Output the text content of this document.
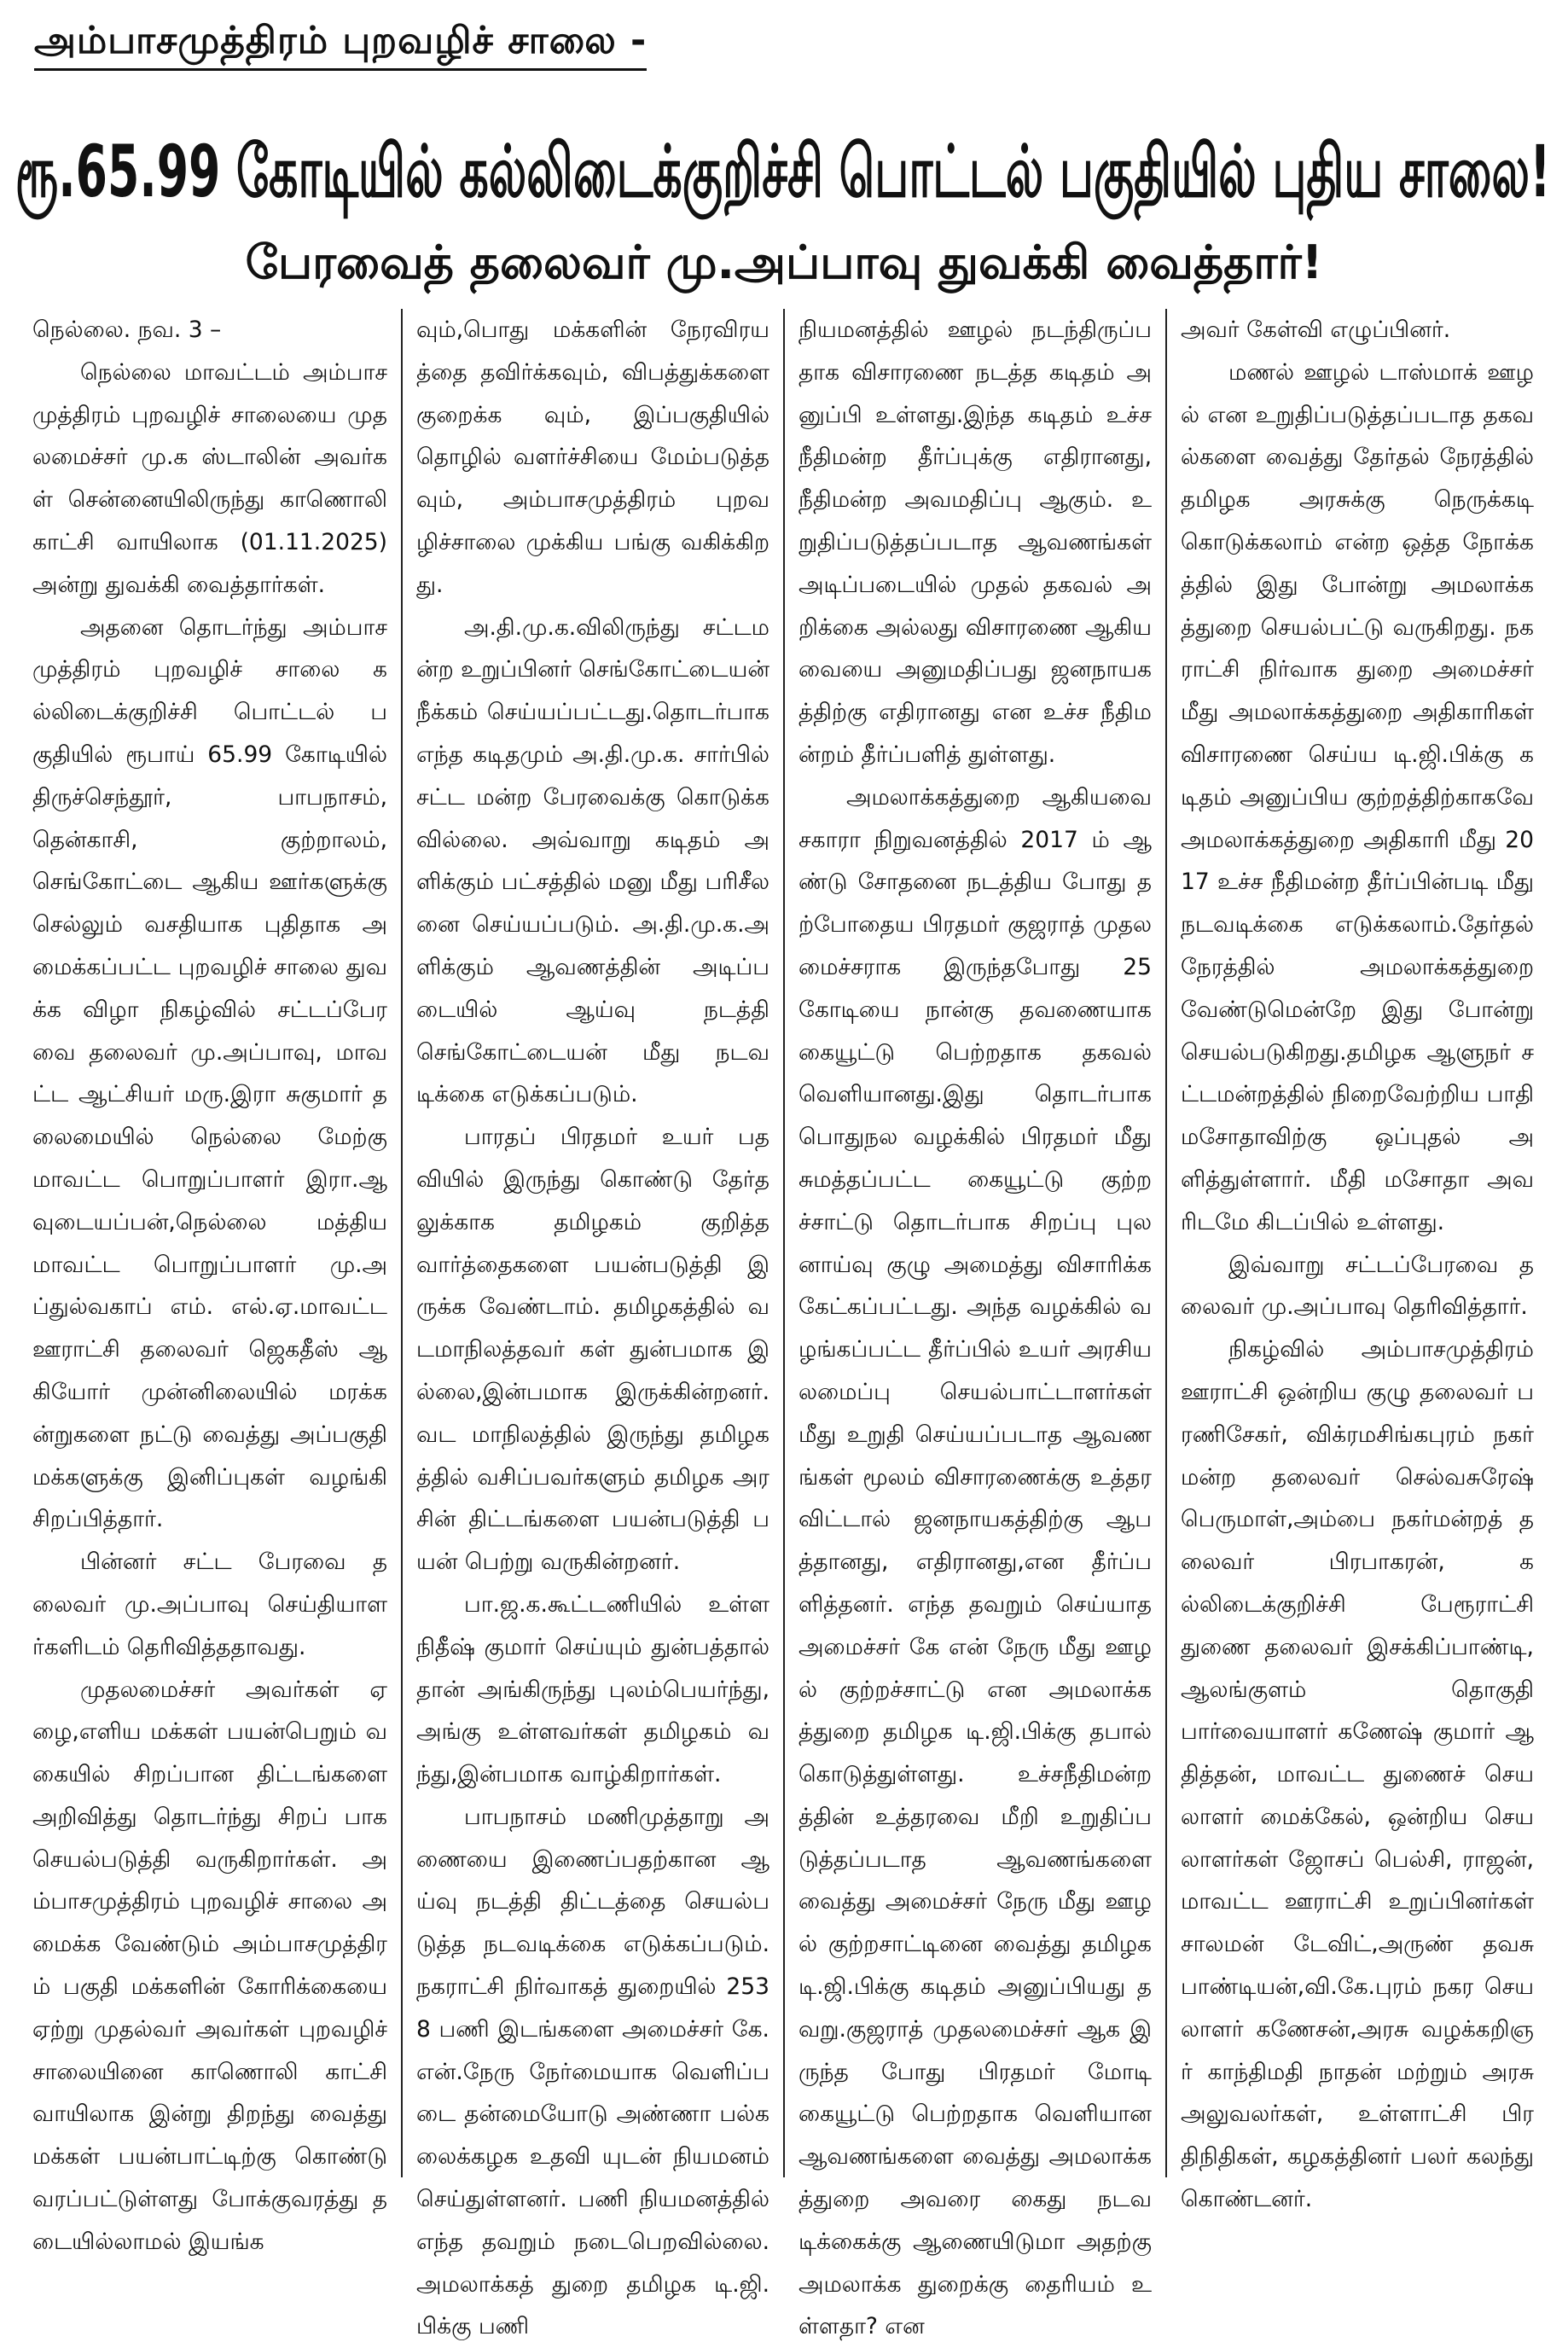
அம்பாசமுத்திரம் புறவழிச் சாலை -
ரூ.65.99 கோடியில் கல்லிடைக்குறிச்சி பொட்டல் பகுதியில் புதிய சாலை!
பேரவைத் தலைவர் மு.அப்பாவு துவக்கி வைத்தார்!

நெல்லை. நவ. 3 –

நெல்லை மாவட்டம் அம்பாசமுத்திரம் புறவழிச் சாலையை முதலமைச்சர் மு.க ஸ்டாலின் அவர்கள் சென்னையிலிருந்து காணொலி காட்சி வாயிலாக (01.11.2025) அன்று துவக்கி வைத்தார்கள்.

அதனை தொடர்ந்து அம்பாசமுத்திரம் புறவழிச் சாலை கல்லிடைக்குறிச்சி பொட்டல் பகுதியில் ரூபாய் 65.99 கோடியில் திருச்செந்தூர், பாபநாசம், தென்காசி, குற்றாலம், செங்கோட்டை ஆகிய ஊர்களுக்கு செல்லும் வசதியாக புதிதாக அமைக்கப்பட்ட புறவழிச் சாலை துவக்க விழா நிகழ்வில் சட்டப்பேரவை தலைவர் மு.அப்பாவு, மாவட்ட ஆட்சியர் மரு.இரா சுகுமார் தலைமையில் நெல்லை மேற்கு மாவட்ட பொறுப்பாளர் இரா.ஆவுடையப்பன்,நெல்லை மத்திய மாவட்ட பொறுப்பாளர் மு.அப்துல்வகாப் எம். எல்.ஏ.மாவட்ட ஊராட்சி தலைவர் ஜெகதீஸ் ஆகியோர் முன்னிலையில் மரக்கன்றுகளை நட்டு வைத்து அப்பகுதி மக்களுக்கு இனிப்புகள் வழங்கி சிறப்பித்தார்.

பின்னர் சட்ட பேரவை தலைவர் மு.அப்பாவு செய்தியாளர்களிடம் தெரிவித்ததாவது.

முதலமைச்சர் அவர்கள் ஏழை,எளிய மக்கள் பயன்பெறும் வகையில் சிறப்பான திட்டங்களை அறிவித்து தொடர்ந்து சிறப் பாக செயல்படுத்தி வருகிறார்கள். அம்பாசமுத்திரம் புறவழிச் சாலை அமைக்க வேண்டும் அம்பாசமுத்திரம் பகுதி மக்களின் கோரிக்கையை ஏற்று முதல்வர் அவர்கள் புறவழிச் சாலையினை காணொலி காட்சி வாயிலாக இன்று திறந்து வைத்து மக்கள் பயன்பாட்டிற்கு கொண்டு வரப்பட்டுள்ளது போக்குவரத்து தடையில்லாமல் இயங்க

வும்,பொது மக்களின் நேரவிரயத்தை தவிர்க்கவும், விபத்துக்களை குறைக்க வும், இப்பகுதியில் தொழில் வளர்ச்சியை மேம்படுத்த வும், அம்பாசமுத்திரம் புறவழிச்சாலை முக்கிய பங்கு வகிக்கிறது.

அ.தி.மு.க.விலிருந்து சட்டமன்ற உறுப்பினர் செங்கோட்டையன் நீக்கம் செய்யப்பட்டது.தொடர்பாக எந்த கடிதமும் அ.தி.மு.க. சார்பில் சட்ட மன்ற பேரவைக்கு கொடுக்க வில்லை. அவ்வாறு கடிதம் அளிக்கும் பட்சத்தில் மனு மீது பரிசீலனை செய்யப்படும். அ.தி.மு.க.அளிக்கும் ஆவணத்தின் அடிப்படையில் ஆய்வு நடத்தி செங்கோட்டையன் மீது நடவடிக்கை எடுக்கப்படும்.

பாரதப் பிரதமர் உயர் பதவியில் இருந்து கொண்டு தேர்தலுக்காக தமிழகம் குறித்த வார்த்தைகளை பயன்படுத்தி இருக்க வேண்டாம். தமிழகத்தில் வடமாநிலத்தவர் கள் துன்பமாக இல்லை,இன்பமாக இருக்கின்றனர்.வட மாநிலத்தில் இருந்து தமிழகத்தில் வசிப்பவர்களும் தமிழக அரசின் திட்டங்களை பயன்படுத்தி பயன் பெற்று வருகின்றனர்.

பா.ஜ.க.கூட்டணியில் உள்ள நிதீஷ் குமார் செய்யும் துன்பத்தால் தான் அங்கிருந்து புலம்பெயர்ந்து, அங்கு உள்ளவர்கள் தமிழகம் வந்து,இன்பமாக வாழ்கிறார்கள்.

பாபநாசம் மணிமுத்தாறு அணையை இணைப்பதற்கான ஆய்வு நடத்தி திட்டத்தை செயல்படுத்த நடவடிக்கை எடுக்கப்படும். நகராட்சி நிர்வாகத் துறையில் 2538 பணி இடங்களை அமைச்சர் கே.என்.நேரு நேர்மையாக வெளிப்படை தன்மையோடு அண்ணா பல்கலைக்கழக உதவி யுடன் நியமனம் செய்துள்ளனர். பணி நியமனத்தில் எந்த தவறும் நடைபெறவில்லை.அமலாக்கத் துறை தமிழக டி.ஜி.பிக்கு பணி

நியமனத்தில் ஊழல் நடந்திருப்பதாக விசாரணை நடத்த கடிதம் அனுப்பி உள்ளது.இந்த கடிதம் உச்ச நீதிமன்ற தீர்ப்புக்கு எதிரானது,நீதிமன்ற அவமதிப்பு ஆகும். உறுதிப்படுத்தப்படாத ஆவணங்கள் அடிப்படையில் முதல் தகவல் அறிக்கை அல்லது விசாரணை ஆகியவையை அனுமதிப்பது ஜனநாயகத்திற்கு எதிரானது என உச்ச நீதிமன்றம் தீர்ப்பளித் துள்ளது.

அமலாக்கத்துறை ஆகியவை சகாரா நிறுவனத்தில் 2017 ம் ஆண்டு சோதனை நடத்திய போது தற்போதைய பிரதமர் குஜராத் முதலமைச்சராக இருந்தபோது 25 கோடியை நான்கு தவணையாக கையூட்டு பெற்றதாக தகவல் வெளியானது.இது தொடர்பாக பொதுநல வழக்கில் பிரதமர் மீது சுமத்தப்பட்ட கையூட்டு குற்றச்சாட்டு தொடர்பாக சிறப்பு புலனாய்வு குழு அமைத்து விசாரிக்க கேட்கப்பட்டது. அந்த வழக்கில் வழங்கப்பட்ட தீர்ப்பில் உயர் அரசியலமைப்பு செயல்பாட்டாளர்கள் மீது உறுதி செய்யப்படாத ஆவணங்கள் மூலம் விசாரணைக்கு உத்தரவிட்டால் ஜனநாயகத்திற்கு ஆபத்தானது, எதிரானது,என தீர்ப்பளித்தனர். எந்த தவறும் செய்யாத அமைச்சர் கே என் நேரு மீது ஊழல் குற்றச்சாட்டு என அமலாக்கத்துறை தமிழக டி.ஜி.பிக்கு தபால் கொடுத்துள்ளது. உச்சநீதிமன்றத்தின் உத்தரவை மீறி உறுதிப்படுத்தப்படாத ஆவணங்களை வைத்து அமைச்சர் நேரு மீது ஊழல் குற்றசாட்டினை வைத்து தமிழக டி.ஜி.பிக்கு கடிதம் அனுப்பியது தவறு.குஜராத் முதலமைச்சர் ஆக இருந்த போது பிரதமர் மோடி கையூட்டு பெற்றதாக வெளியான ஆவணங்களை வைத்து அமலாக்கத்துறை அவரை கைது நடவடிக்கைக்கு ஆணையிடுமா அதற்கு அமலாக்க துறைக்கு தைரியம் உள்ளதா? என

அவர் கேள்வி எழுப்பினர்.

மணல் ஊழல் டாஸ்மாக் ஊழல் என உறுதிப்படுத்தப்படாத தகவல்களை வைத்து தேர்தல் நேரத்தில் தமிழக அரசுக்கு நெருக்கடி கொடுக்கலாம் என்ற ஒத்த நோக்கத்தில் இது போன்று அமலாக்கத்துறை செயல்பட்டு வருகிறது. நகராட்சி நிர்வாக துறை அமைச்சர் மீது அமலாக்கத்துறை அதிகாரிகள் விசாரணை செய்ய டி.ஜி.பிக்கு கடிதம் அனுப்பிய குற்றத்திற்காகவே அமலாக்கத்துறை அதிகாரி மீது 2017 உச்ச நீதிமன்ற தீர்ப்பின்படி மீது நடவடிக்கை எடுக்கலாம்.தேர்தல் நேரத்தில் அமலாக்கத்துறை வேண்டுமென்றே இது போன்று செயல்படுகிறது.தமிழக ஆளுநர் சட்டமன்றத்தில் நிறைவேற்றிய பாதி மசோதாவிற்கு ஒப்புதல் அளித்துள்ளார். மீதி மசோதா அவரிடமே கிடப்பில் உள்ளது.

இவ்வாறு சட்டப்பேரவை தலைவர் மு.அப்பாவு தெரிவித்தார்.

நிகழ்வில் அம்பாசமுத்திரம் ஊராட்சி ஒன்றிய குழு தலைவர் பரணிசேகர், விக்ரமசிங்கபுரம் நகர் மன்ற தலைவர் செல்வசுரேஷ் பெருமாள்,அம்பை நகர்மன்றத் தலைவர் பிரபாகரன், கல்லிடைக்குறிச்சி பேரூராட்சி துணை தலைவர் இசக்கிப்பாண்டி,ஆலங்குளம் தொகுதி பார்வையாளர் கணேஷ் குமார் ஆதித்தன், மாவட்ட துணைச் செயலாளர் மைக்கேல், ஒன்றிய செயலாளர்கள் ஜோசப் பெல்சி, ராஜன், மாவட்ட ஊராட்சி உறுப்பினர்கள் சாலமன் டேவிட்,அருண் தவசு பாண்டியன்,வி.கே.புரம் நகர செயலாளர் கணேசன்,அரசு வழக்கறிஞர் காந்திமதி நாதன் மற்றும் அரசு அலுவலர்கள், உள்ளாட்சி பிரதிநிதிகள், கழகத்தினர் பலர் கலந்து கொண்டனர்.
